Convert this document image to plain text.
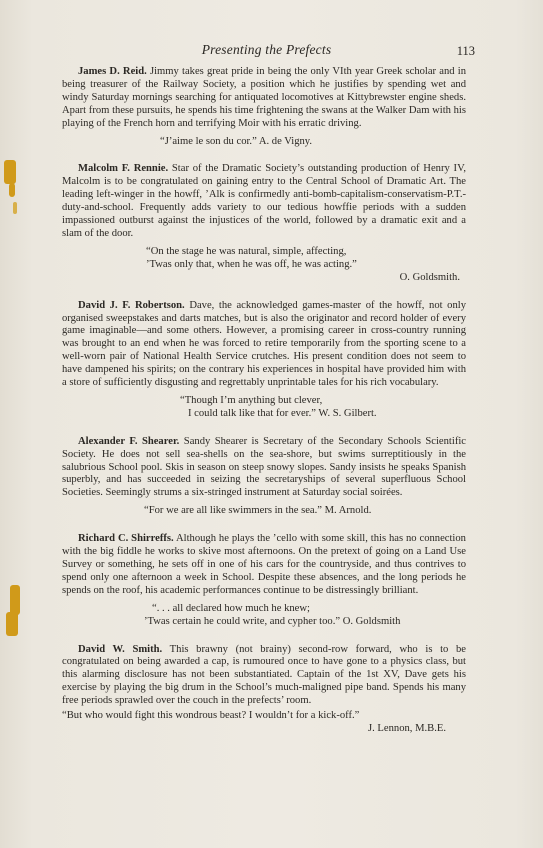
Presenting the Prefects	113

James D. Reid. Jimmy takes great pride in being the only VIth year Greek scholar and in being treasurer of the Railway Society, a position which he justifies by spending wet and windy Saturday mornings searching for antiquated locomotives at Kittybrewster engine sheds. Apart from these pursuits, he spends his time frightening the swans at the Walker Dam with his playing of the French horn and terrifying Moir with his erratic driving.

“J’aime le son du cor.” A. de Vigny.

Malcolm F. Rennie. Star of the Dramatic Society’s outstanding production of Henry IV, Malcolm is to be congratulated on gaining entry to the Central School of Dramatic Art. The leading left-winger in the howff, ’Alk is confirmedly anti-bomb-capitalism-conservatism-P.T.-duty-and-school. Frequently adds variety to our tedious howffie periods with a sudden impassioned outburst against the injustices of the world, followed by a dramatic exit and a slam of the door.

“On the stage he was natural, simple, affecting,
’Twas only that, when he was off, he was acting.”
O. Goldsmith.

David J. F. Robertson. Dave, the acknowledged games-master of the howff, not only organised sweepstakes and darts matches, but is also the originator and record holder of every game imaginable—and some others. However, a promising career in cross-country running was brought to an end when he was forced to retire temporarily from the sporting scene to a well-worn pair of National Health Service crutches. His present condition does not seem to have dampened his spirits; on the contrary his experiences in hospital have provided him with a store of sufficiently disgusting and regrettably unprintable tales for his rich vocabulary.

“Though I’m anything but clever,
I could talk like that for ever.” W. S. Gilbert.

Alexander F. Shearer. Sandy Shearer is Secretary of the Secondary Schools Scientific Society. He does not sell sea-shells on the sea-shore, but swims surreptitiously in the salubrious School pool. Skis in season on steep snowy slopes. Sandy insists he speaks Spanish superbly, and has succeeded in seizing the secretaryships of several superfluous School Societies. Seemingly strums a six-stringed instrument at Saturday social soirées.

“For we are all like swimmers in the sea.” M. Arnold.

Richard C. Shirreffs. Although he plays the ’cello with some skill, this has no connection with the big fiddle he works to skive most afternoons. On the pretext of going on a Land Use Survey or something, he sets off in one of his cars for the countryside, and thus contrives to spend only one afternoon a week in School. Despite these absences, and the long periods he spends on the roof, his academic performances continue to be distressingly brilliant.

“. . . all declared how much he knew;
’Twas certain he could write, and cypher too.” O. Goldsmith

David W. Smith. This brawny (not brainy) second-row forward, who is to be congratulated on being awarded a cap, is rumoured once to have gone to a physics class, but this alarming disclosure has not been substantiated. Captain of the 1st XV, Dave gets his exercise by playing the big drum in the School’s much-maligned pipe band. Spends his many free periods sprawled over the couch in the prefects’ room.

“But who would fight this wondrous beast? I wouldn’t for a kick-off.”
J. Lennon, M.B.E.
